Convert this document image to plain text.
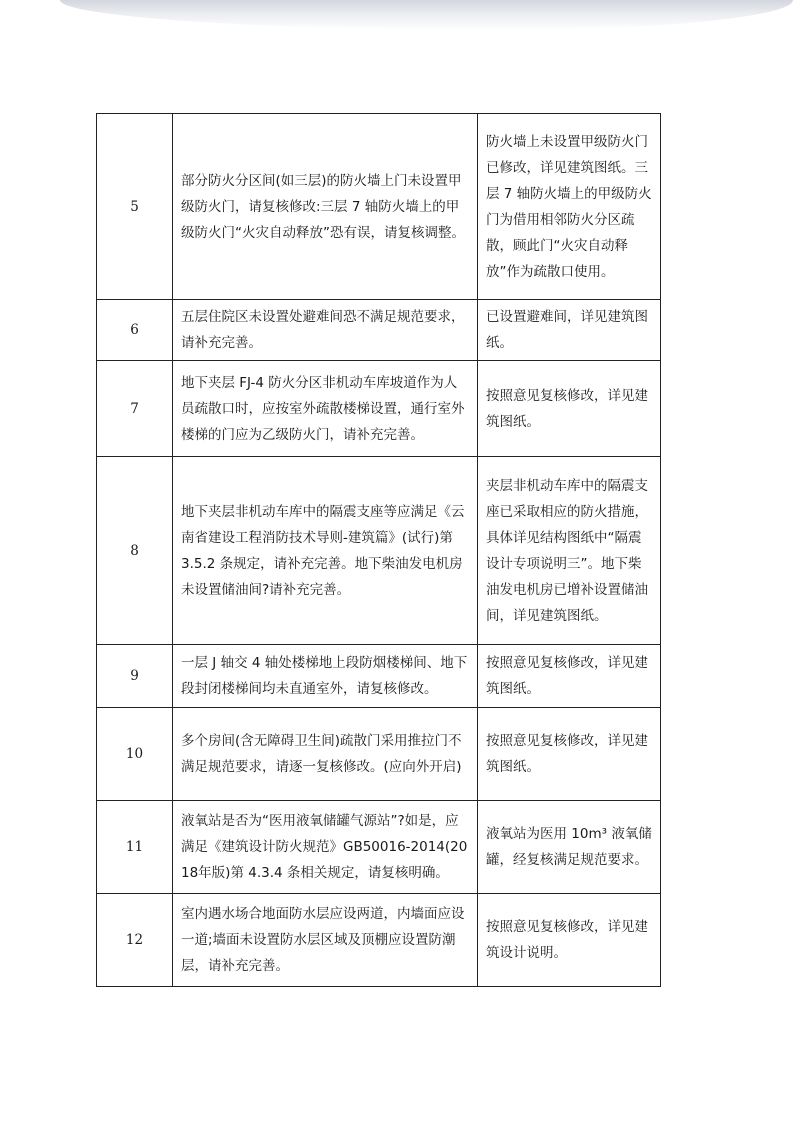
5	部分防火分区间(如三层)的防火墙上门未设置甲级防火门，请复核修改:三层 7 轴防火墙上的甲级防火门“火灾自动释放”恐有误，请复核调整。	防火墙上未设置甲级防火门已修改，详见建筑图纸。三层 7 轴防火墙上的甲级防火门为借用相邻防火分区疏散，顾此门“火灾自动释放”作为疏散口使用。
6	五层住院区未设置处避难间恐不满足规范要求，请补充完善。	已设置避难间，详见建筑图纸。
7	地下夹层 FJ-4 防火分区非机动车库坡道作为人员疏散口时，应按室外疏散楼梯设置，通行室外楼梯的门应为乙级防火门，请补充完善。	按照意见复核修改，详见建筑图纸。
8	地下夹层非机动车库中的隔震支座等应满足《云南省建设工程消防技术导则-建筑篇》(试行)第 3.5.2 条规定，请补充完善。地下柴油发电机房未设置储油间?请补充完善。	夹层非机动车库中的隔震支座已采取相应的防火措施，具体详见结构图纸中“隔震设计专项说明三”。地下柴油发电机房已增补设置储油间，详见建筑图纸。
9	一层 J 轴交 4 轴处楼梯地上段防烟楼梯间、地下段封闭楼梯间均未直通室外，请复核修改。	按照意见复核修改，详见建筑图纸。
10	多个房间(含无障碍卫生间)疏散门采用推拉门不满足规范要求，请逐一复核修改。(应向外开启)	按照意见复核修改，详见建筑图纸。
11	液氧站是否为“医用液氧储罐气源站”?如是，应满足《建筑设计防火规范》GB50016-2014(2018年版)第 4.3.4 条相关规定，请复核明确。	液氧站为医用 10m³ 液氧储罐，经复核满足规范要求。
12	室内遇水场合地面防水层应设两道，内墙面应设一道;墙面未设置防水层区域及顶棚应设置防潮层，请补充完善。	按照意见复核修改，详见建筑设计说明。
